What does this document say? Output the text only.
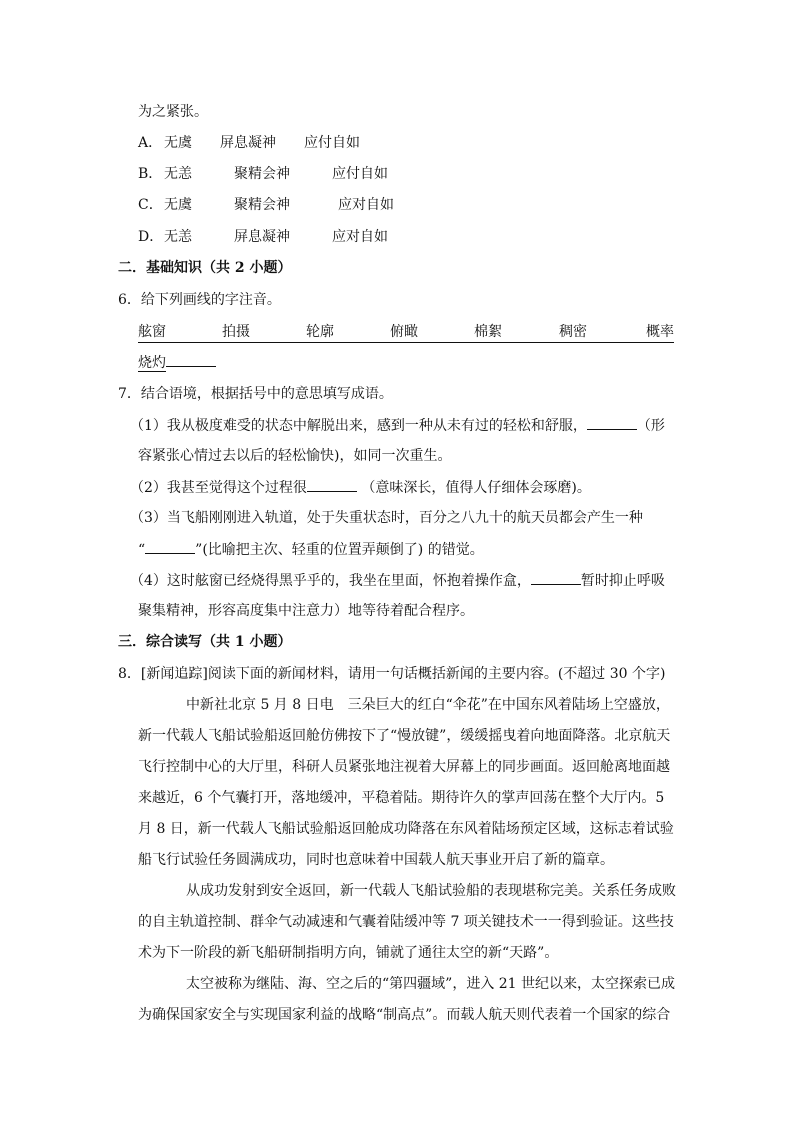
为之紧张。
A． 无虞 屏息凝神 应付自如
B． 无恙	聚精会神	应付自如
C． 无虞	聚精会神	应对自如
D． 无恙	屏息凝神	应对自如
二．基础知识（共 2 小题）
6．给下列画线的字注音。
舷窗	拍摄	轮廓	俯瞰	棉絮	稠密	概率
烧灼
7．结合语境，根据括号中的意思填写成语。
（1）我从极度难受的状态中解脱出来，感到一种从未有过的轻松和舒服，	（形
容紧张心情过去以后的轻松愉快)，如同一次重生。
（2）我甚至觉得这个过程很	（意味深长，值得人仔细体会琢磨)。
（3）当飞船刚刚进入轨道，处于失重状态时，百分之八九十的航天员都会产生一种
“	”(比喻把主次、轻重的位置弄颠倒了) 的错觉。
（4）这时舷窗已经烧得黑乎乎的，我坐在里面，怀抱着操作盒，	暂时抑止呼吸
聚集精神，形容高度集中注意力）地等待着配合程序。
三．综合读写（共 1 小题）
8．[新闻追踪]阅读下面的新闻材料，请用一句话概括新闻的主要内容。(不超过 30 个字)
中新社北京 5 月 8 日电　三朵巨大的红白“伞花”在中国东风着陆场上空盛放，新一代载人飞船试验船返回舱仿佛按下了“慢放键”，缓缓摇曳着向地面降落。北京航天飞行控制中心的大厅里，科研人员紧张地注视着大屏幕上的同步画面。返回舱离地面越来越近，6 个气囊打开，落地缓冲，平稳着陆。期待许久的掌声回荡在整个大厅内。5 月 8 日，新一代载人飞船试验船返回舱成功降落在东风着陆场预定区域，这标志着试验船飞行试验任务圆满成功，同时也意味着中国载人航天事业开启了新的篇章。
从成功发射到安全返回，新一代载人飞船试验船的表现堪称完美。关系任务成败的自主轨道控制、群伞气动减速和气囊着陆缓冲等 7 项关键技术一一得到验证。这些技术为下一阶段的新飞船研制指明方向，铺就了通往太空的新“天路”。
太空被称为继陆、海、空之后的“第四疆域”，进入 21 世纪以来，太空探索已成为确保国家安全与实现国家利益的战略“制高点”。而载人航天则代表着一个国家的综合
